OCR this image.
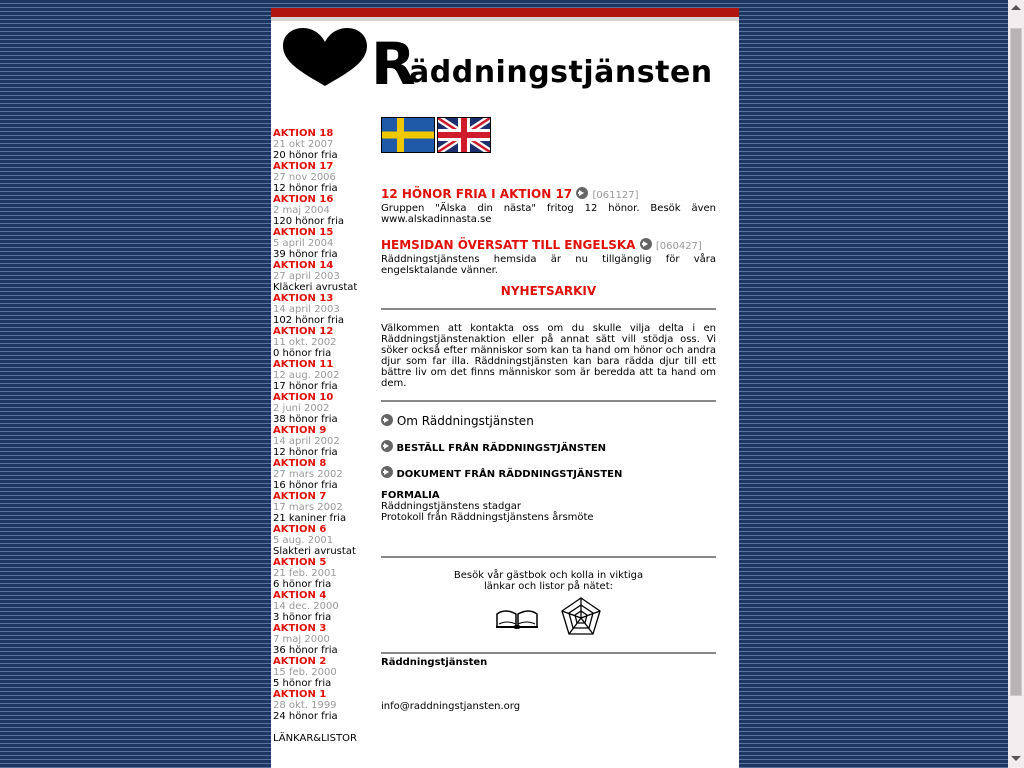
R
äddningstjänsten
AKTION 18
21 okt 2007
20 hönor fria
AKTION 17
27 nov 2006
12 hönor fria
AKTION 16
2 maj 2004
120 hönor fria
AKTION 15
5 april 2004
39 hönor fria
AKTION 14
27 april 2003
Kläckeri avrustat
AKTION 13
14 april 2003
102 hönor fria
AKTION 12
11 okt. 2002
0 hönor fria
AKTION 11
12 aug. 2002
17 hönor fria
AKTION 10
2 juni 2002
38 hönor fria
AKTION 9
14 april 2002
12 hönor fria
AKTION 8
27 mars 2002
16 hönor fria
AKTION 7
17 mars 2002
21 kaniner fria
AKTION 6
5 aug. 2001
Slakteri avrustat
AKTION 5
21 feb. 2001
6 hönor fria
AKTION 4
14 dec. 2000
3 hönor fria
AKTION 3
7 maj 2000
36 hönor fria
AKTION 2
15 feb. 2000
5 hönor fria
AKTION 1
28 okt. 1999
24 hönor fria
LÄNKAR&LISTOR
12 HÖNOR FRIA I AKTION 17 [061127]
Gruppen "Älska din nästa" fritog 12 hönor. Besök även www.alskadinnasta.se
HEMSIDAN ÖVERSATT TILL ENGELSKA [060427]
Räddningstjänstens hemsida är nu tillgänglig för våra engelsktalande vänner.
NYHETSARKIV
Välkommen att kontakta oss om du skulle vilja delta i en Räddningstjänstenaktion eller på annat sätt vill stödja oss. Vi söker också efter människor som kan ta hand om hönor och andra djur som far illa. Räddningstjänsten kan bara rädda djur till ett bättre liv om det finns människor som är beredda att ta hand om dem.
Om Räddningstjänsten
BESTÄLL FRÅN RÄDDNINGSTJÄNSTEN
DOKUMENT FRÅN RÄDDNINGSTJÄNSTEN
FORMALIA
Räddningstjänstens stadgar
Protokoll från Räddningstjänstens årsmöte
Besök vår gästbok och kolla in viktiga
länkar och listor på nätet:

Räddningstjänsten
info@raddningstjansten.org
